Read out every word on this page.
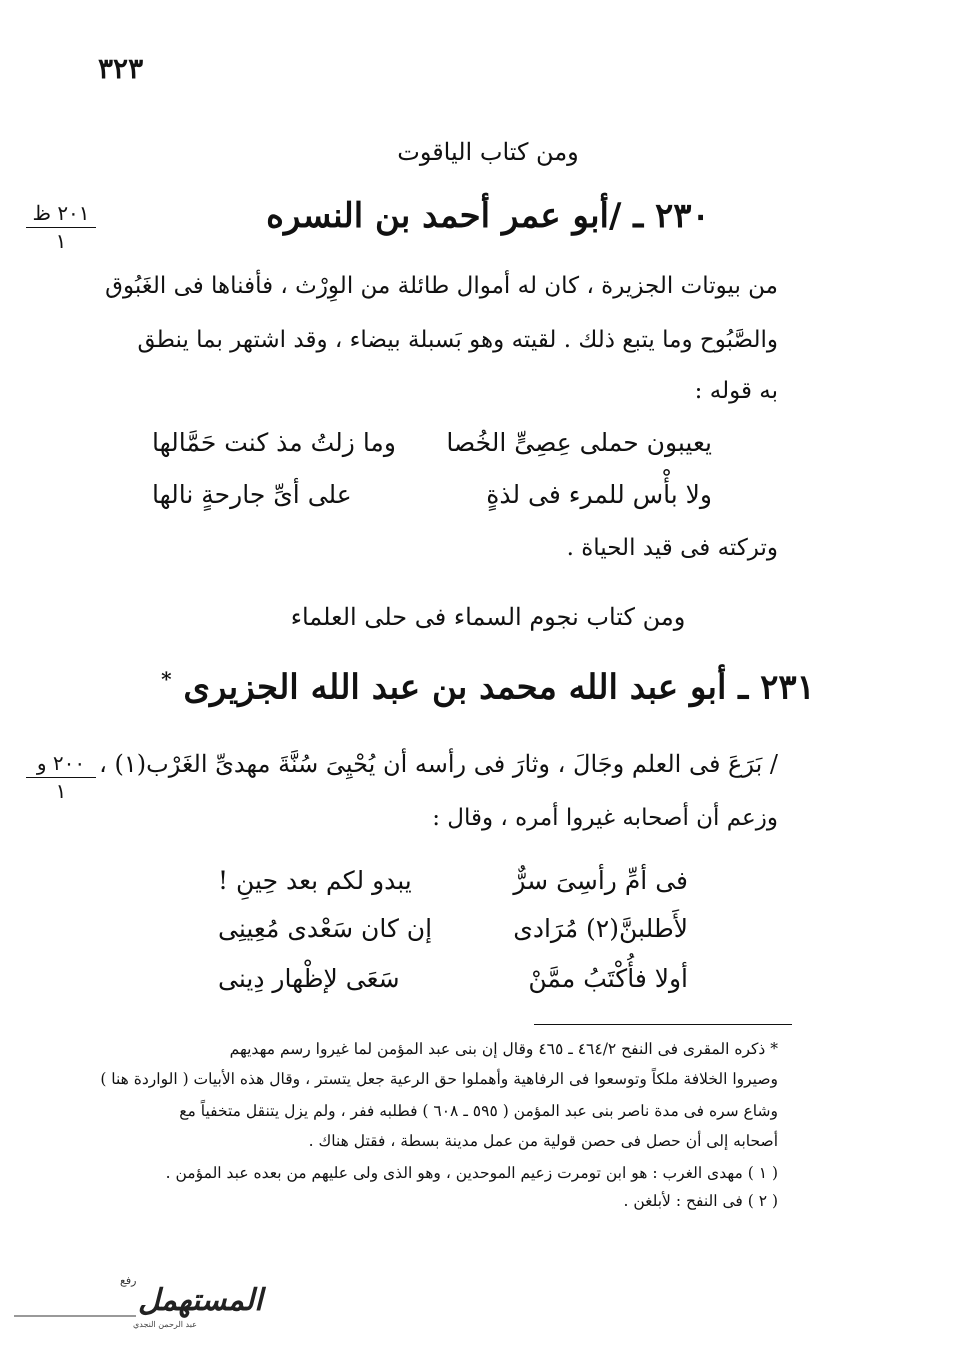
٣٢٣
ومن كتاب الياقوت
٢٠١ ظ
١
٢٣٠ ـ /أبو عمر أحمد بن النسره
من بيوتات الجزيرة ، كان له أموال طائلة من الوِرْث ، فأفناها فى الغَبُوق
والصَّبُوح وما يتبع ذلك . لقيته وهو بَسبلة بيضاء ، وقد اشتهر بما ينطق
به قوله :
يعيبون حملى عِصِىٍّ الخُصا
وما زلتُ مذ كنت حَمَّالها
ولا بأْس للمرء فى لذةٍ
على أىِّ جارحةٍ نالها
وتركته فى قيد الحياة .
ومن كتاب نجوم السماء فى حلى العلماء
٢٣١ ـ أبو عبد الله محمد بن عبد الله الجزيرى *
٢٠٠ و
١
/ بَرَعَ فى العلم وجَالَ ، وثارَ فى رأسه أن يُحْيِىَ سُنَّةَ مهدىِّ الغَرْب(١) ،
وزعم أن أصحابه غيروا أمره ، وقال :
فى أمِّ رأسِىَ سرٌّ
يبدو لكم بعد حِينِ !
لأَطلبنَّ(٢) مُرَادى
إن كان سَعْدى مُعِينِى
أولا فأُكْتَبُ ممَّنْ
سَعَى لإظْهار دِينى
* ذكره المقرى فى النفح ٤٦٤/٢ ـ ٤٦٥ وقال إن بنى عبد المؤمن لما غيروا رسم مهديهم
وصيروا الخلافة ملكاً وتوسعوا فى الرفاهية وأهملوا حق الرعية جعل يتستر ، وقال هذه الأبيات ( الواردة هنا )
وشاع سره فى مدة ناصر بنى عبد المؤمن ( ٥٩٥ ـ ٦٠٨ ) فطلبه ففر ، ولم يزل يتنقل متخفياً مع
أصحابه إلى أن حصل فى حصن قولية من عمل مدينة بسطة ، فقتل هناك .
( ١ ) مهدى الغرب : هو ابن تومرت زعيم الموحدين ، وهو الذى ولى عليهم من بعده عبد المؤمن .
( ٢ ) فى النفح : لأبلغن .
المستهمل
رفع
عبد الرحمن النجدي
